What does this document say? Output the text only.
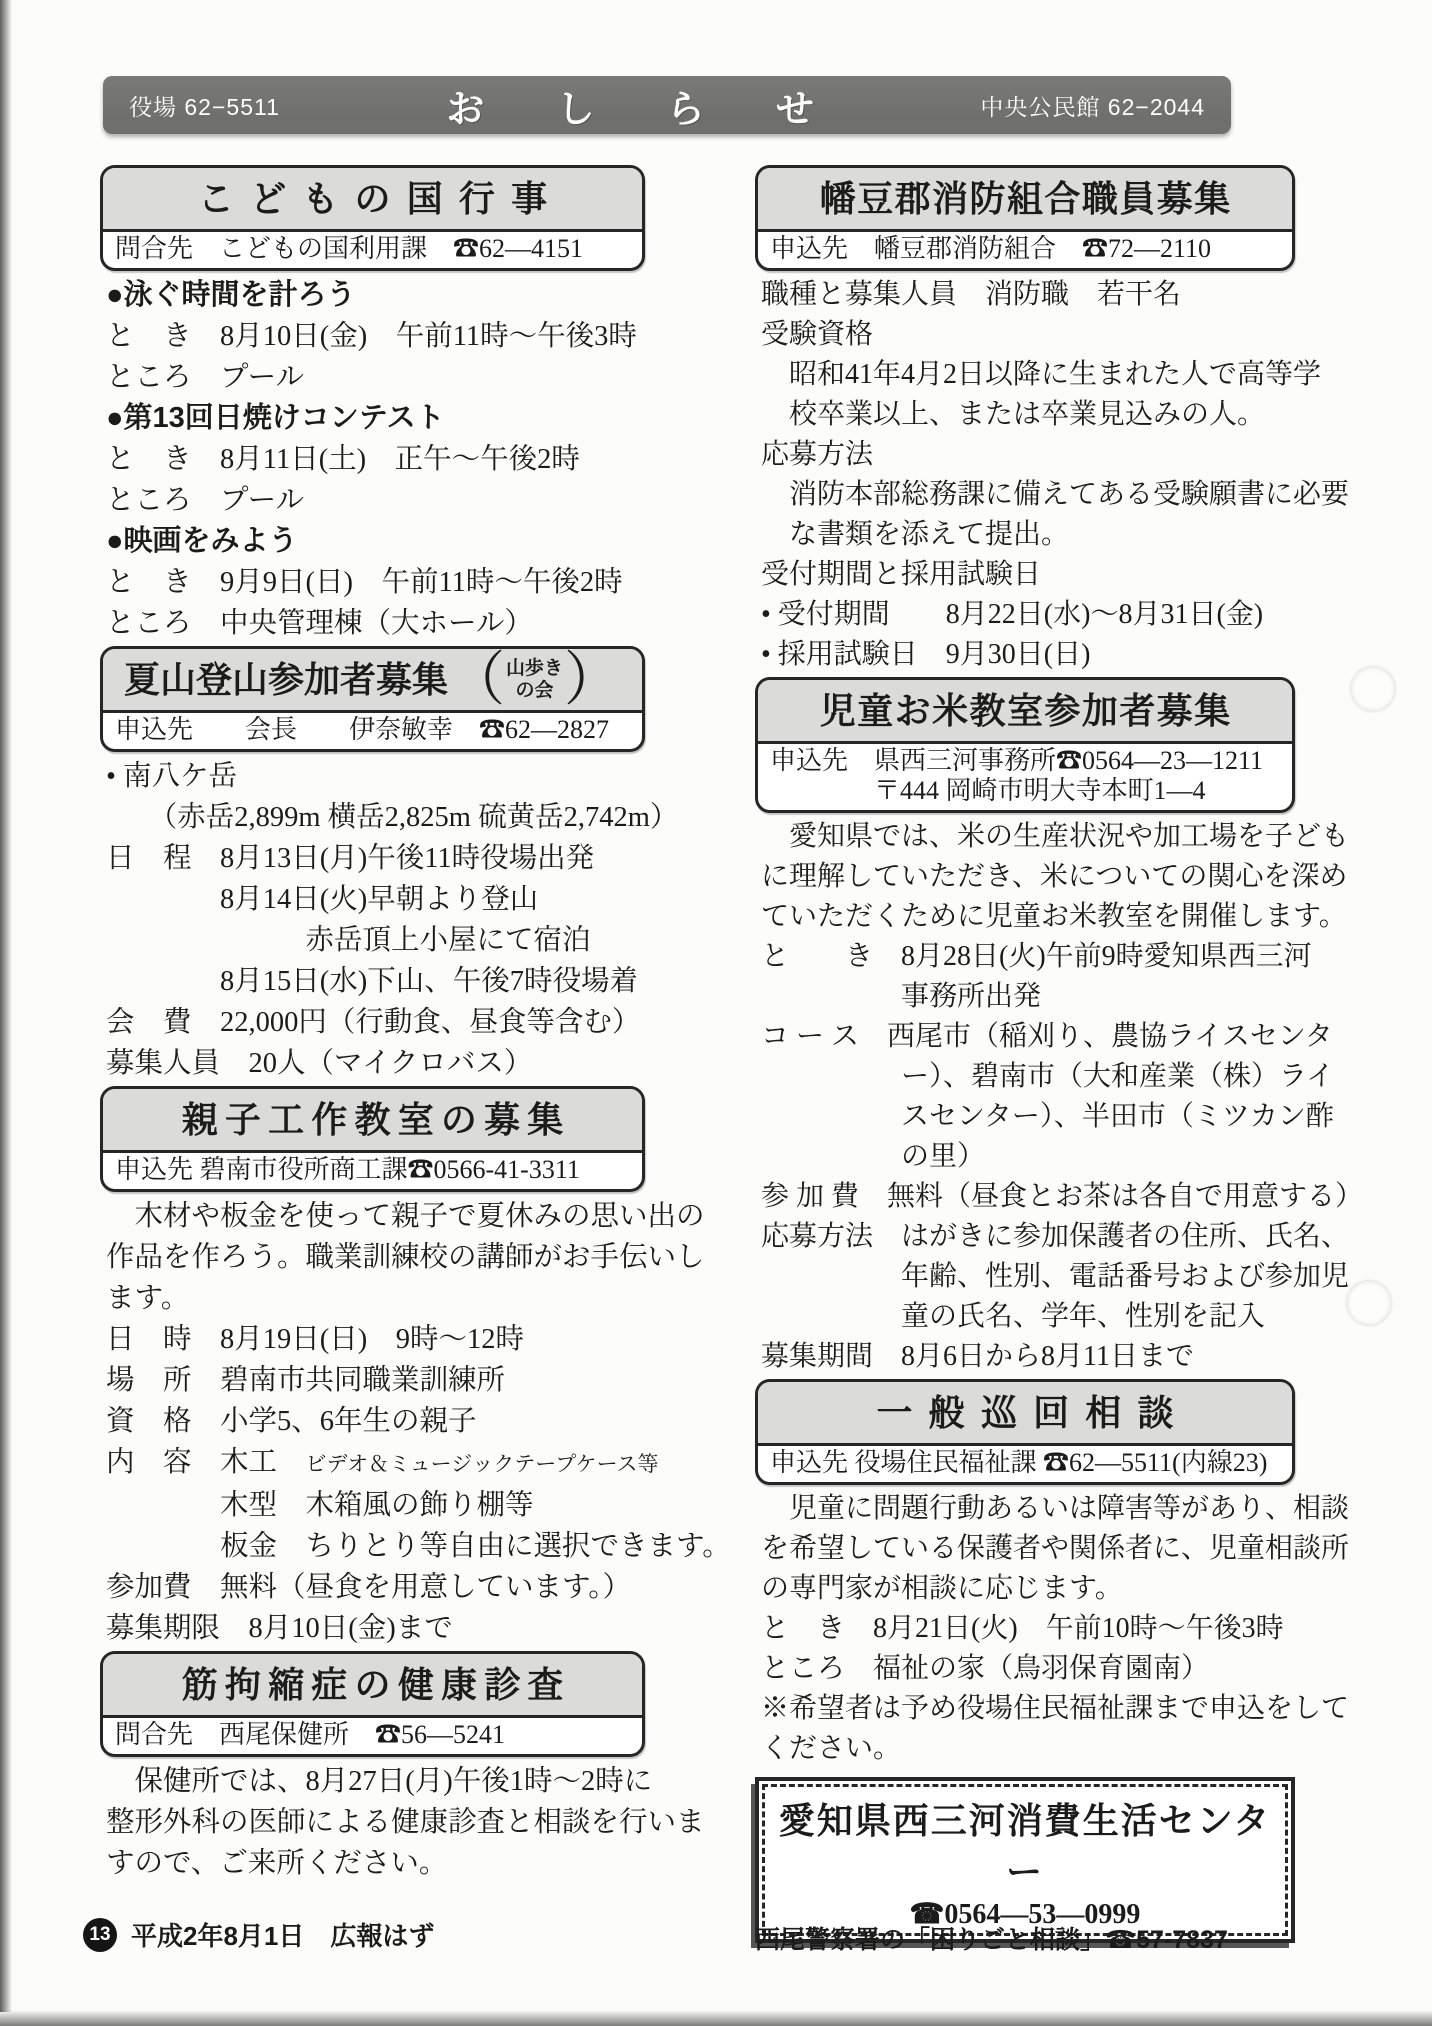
役場 62−5511	おしらせ	中央公民館 62−2044
こどもの国行事
問合先　こどもの国利用課　☎62—4151
●泳ぐ時間を計ろう
と　き　8月10日(金)　午前11時～午後3時
ところ　プール
●第13回日焼けコンテスト
と　き　8月11日(土)　正午～午後2時
ところ　プール
●映画をみよう
と　き　9月9日(日)　午前11時～午後2時
ところ　中央管理棟（大ホール）
夏山登山参加者募集 （ 山歩き
の会 ）
申込先　　会長　　伊奈敏幸　☎62—2827
• 南八ケ岳
　　（赤岳2,899m 横岳2,825m 硫黄岳2,742m）
日　程　8月13日(月)午後11時役場出発
　　　　8月14日(火)早朝より登山
　　　　　　　赤岳頂上小屋にて宿泊
　　　　8月15日(水)下山、午後7時役場着
会　費　22,000円（行動食、昼食等含む）
募集人員　20人（マイクロバス）
親子工作教室の募集
申込先 碧南市役所商工課☎0566-41-3311
　木材や板金を使って親子で夏休みの思い出の
作品を作ろう。職業訓練校の講師がお手伝いし
ます。
日　時　8月19日(日)　9時～12時
場　所　碧南市共同職業訓練所
資　格　小学5、6年生の親子
内　容　木工　ビデオ＆ミュージックテープケース等
　　　　木型　木箱風の飾り棚等
　　　　板金　ちりとり等自由に選択できます。
参加費　無料（昼食を用意しています。）
募集期限　8月10日(金)まで
筋拘縮症の健康診査
問合先　西尾保健所　☎56—5241
　保健所では、8月27日(月)午後1時～2時に
整形外科の医師による健康診査と相談を行いま
すので、ご来所ください。
幡豆郡消防組合職員募集
申込先　幡豆郡消防組合　☎72—2110
職種と募集人員　消防職　若干名
受験資格
　昭和41年4月2日以降に生まれた人で高等学
　校卒業以上、または卒業見込みの人。
応募方法
　消防本部総務課に備えてある受験願書に必要
　な書類を添えて提出。
受付期間と採用試験日
• 受付期間　　8月22日(水)～8月31日(金)
• 採用試験日　9月30日(日)
児童お米教室参加者募集
申込先　県西三河事務所☎0564—23—1211
　　　　〒444 岡崎市明大寺本町1—4
　愛知県では、米の生産状況や加工場を子ども
に理解していただき、米についての関心を深め
ていただくために児童お米教室を開催します。
と　　き　8月28日(火)午前9時愛知県西三河
　　　　　事務所出発
コ ー ス　西尾市（稲刈り、農協ライスセンタ
　　　　　ー）、碧南市（大和産業（株）ライ
　　　　　スセンター）、半田市（ミツカン酢
　　　　　の里）
参 加 費　無料（昼食とお茶は各自で用意する）
応募方法　はがきに参加保護者の住所、氏名、
　　　　　年齢、性別、電話番号および参加児
　　　　　童の氏名、学年、性別を記入
募集期間　8月6日から8月11日まで
一般巡回相談
申込先 役場住民福祉課 ☎62—5511(内線23)
　児童に問題行動あるいは障害等があり、相談
を希望している保護者や関係者に、児童相談所
の専門家が相談に応じます。
と　き　8月21日(火)　午前10時～午後3時
ところ　福祉の家（鳥羽保育園南）
※希望者は予め役場住民福祉課まで申込をして
ください。
愛知県西三河消費生活センター
☎0564—53—0999
13 平成2年8月1日　広報はず	西尾警察署の「困りごと相談」☎57-7837
